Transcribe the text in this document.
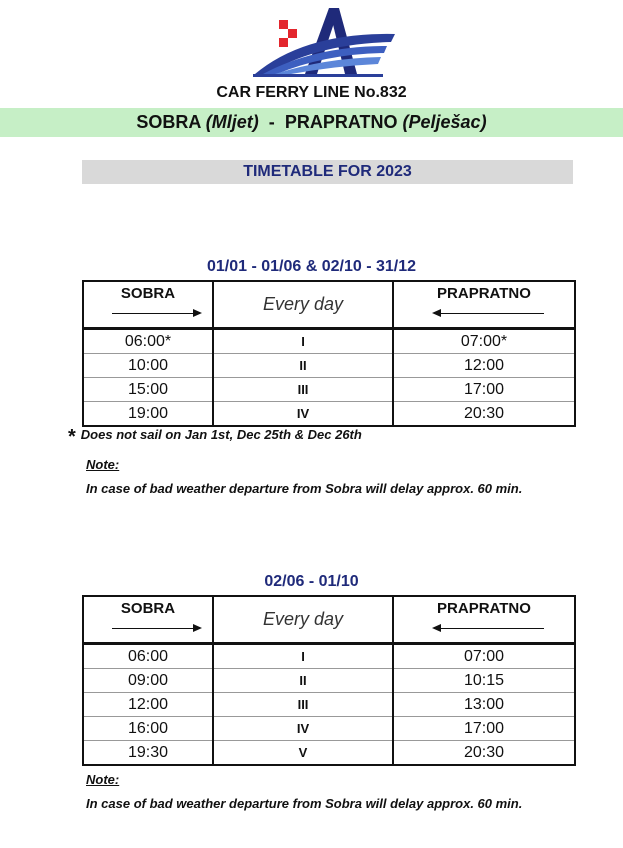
CAR FERRY LINE No.832
SOBRA (Mljet) - PRAPRATNO (Pelješac)
TIMETABLE FOR 2023
01/01 - 01/06 & 02/10 - 31/12
SOBRA	Every day	PRAPRATNO

06:00*	I	07:00*
10:00	II	12:00
15:00	III	17:00
19:00	IV	20:30
* Does not sail on Jan 1st, Dec 25th & Dec 26th
Note:
In case of bad weather departure from Sobra will delay approx. 60 min.
02/06 - 01/10
SOBRA	Every day	PRAPRATNO

06:00	I	07:00
09:00	II	10:15
12:00	III	13:00
16:00	IV	17:00
19:30	V	20:30
Note:
In case of bad weather departure from Sobra will delay approx. 60 min.
